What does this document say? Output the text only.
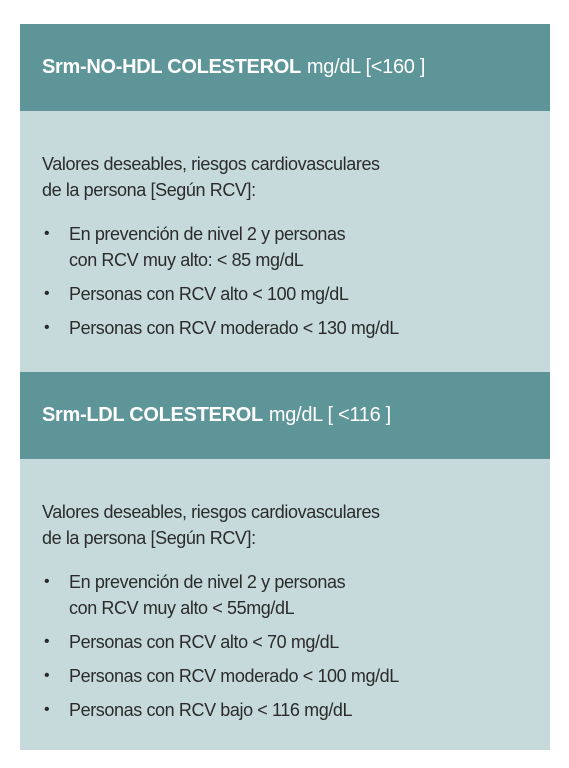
Srm-NO-HDL COLESTEROL mg/dL [<160 ]

Valores deseables, riesgos cardiovasculares
de la persona [Según RCV]:

• En prevención de nivel 2 y personas
con RCV muy alto: < 85 mg/dL
• Personas con RCV alto < 100 mg/dL
• Personas con RCV moderado < 130 mg/dL
Srm-LDL COLESTEROL mg/dL [ <116 ]

Valores deseables, riesgos cardiovasculares
de la persona [Según RCV]:

• En prevención de nivel 2 y personas
con RCV muy alto < 55mg/dL
• Personas con RCV alto < 70 mg/dL
• Personas con RCV moderado < 100 mg/dL
• Personas con RCV bajo < 116 mg/dL
